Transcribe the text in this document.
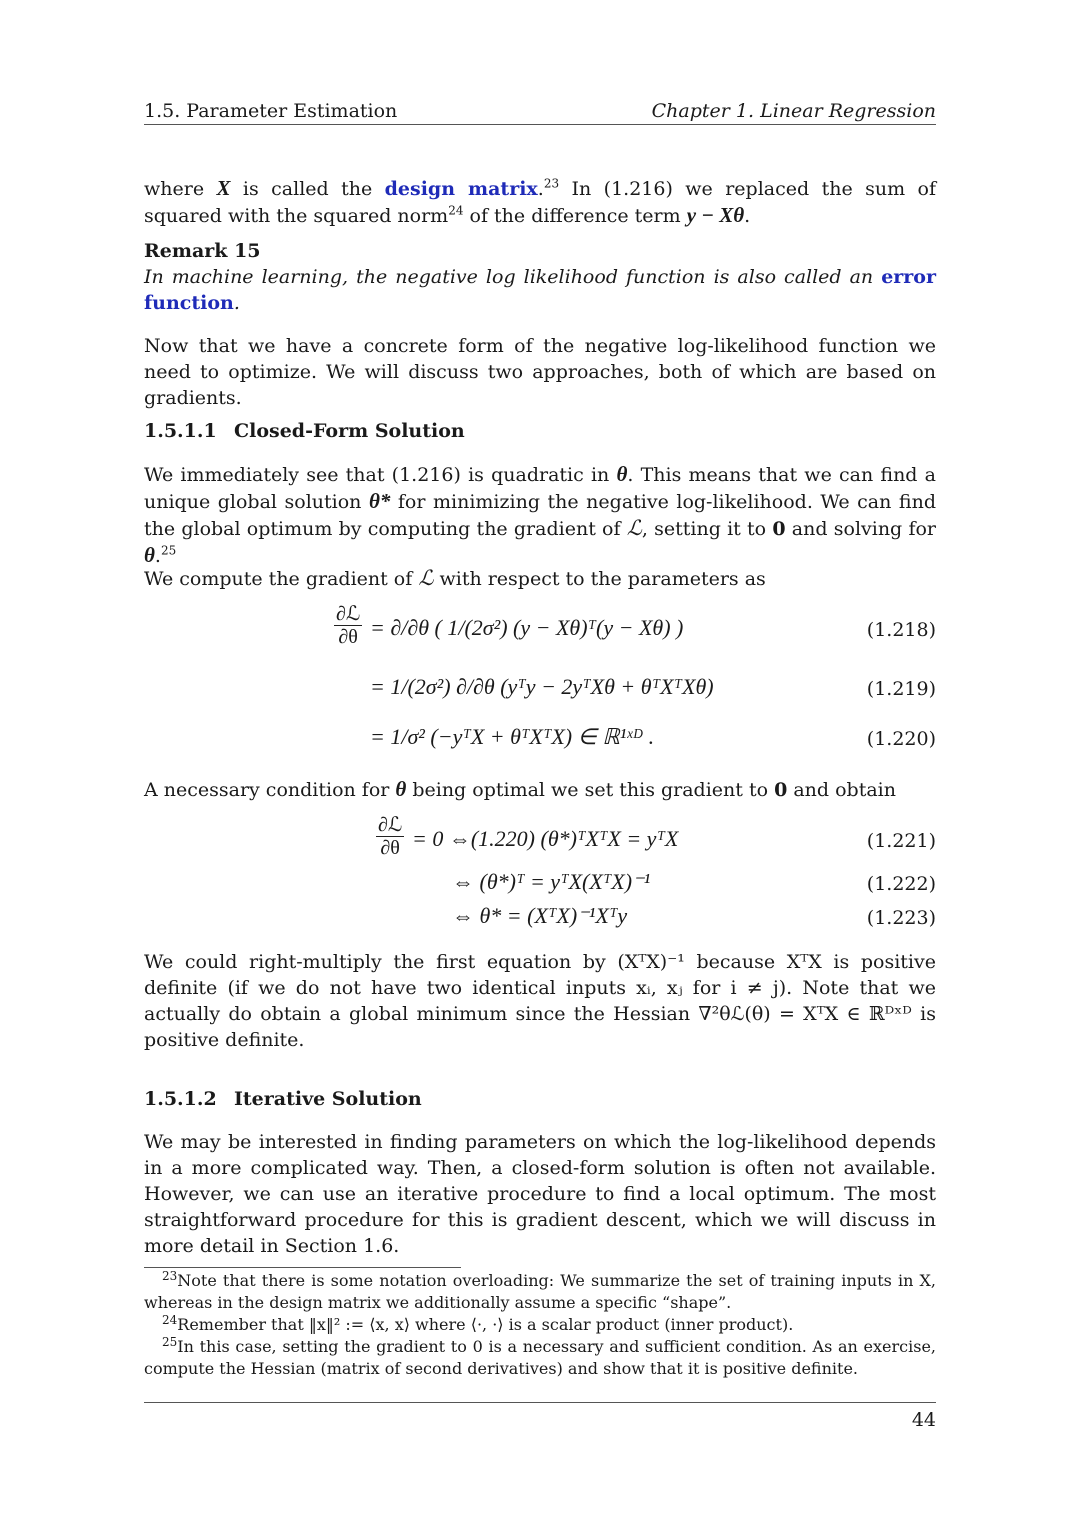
1.5. Parameter Estimation	Chapter 1. Linear Regression
where X is called the design matrix.$^{23}$ In (1.216) we replaced the sum of squared with the squared norm$^{24}$ of the difference term y − Xθ.
Remark 15
In machine learning, the negative log likelihood function is also called an error function.
Now that we have a concrete form of the negative log-likelihood function we need to optimize. We will discuss two approaches, both of which are based on gradients.
1.5.1.1 Closed-Form Solution
We immediately see that (1.216) is quadratic in θ. This means that we can find a unique global solution θ* for minimizing the negative log-likelihood. We can find the global optimum by computing the gradient of ℒ, setting it to 0 and solving for θ.$^{25}$
We compute the gradient of ℒ with respect to the parameters as
$\frac{\text{∂ℒ}}{\partial\theta} = \partial/\partial\theta$ ( 1/(2σ²) (y − Xθ)ᵀ(y − Xθ) )	(1.218)
= 1/(2σ²) ∂/∂θ (yᵀy − 2yᵀXθ + θᵀXᵀXθ)	(1.219)
= 1/σ² (−yᵀX + θᵀXᵀX) ∈ ℝ¹ˣᴰ .	(1.220)
A necessary condition for θ being optimal we set this gradient to 0 and obtain
$\frac{\text{∂ℒ}}{\partial\theta} = 0$ ⇔(1.220) (θ*)ᵀXᵀX = yᵀX	(1.221)
⇔ (θ*)ᵀ = yᵀX(XᵀX)⁻¹	(1.222)
⇔ θ* = (XᵀX)⁻¹Xᵀy	(1.223)
We could right-multiply the first equation by (XᵀX)⁻¹ because XᵀX is positive definite (if we do not have two identical inputs xᵢ, xⱼ for i ≠ j). Note that we actually do obtain a global minimum since the Hessian ∇²θℒ(θ) = XᵀX ∈ ℝᴰˣᴰ is positive definite.
1.5.1.2 Iterative Solution
We may be interested in finding parameters on which the log-likelihood depends in a more complicated way. Then, a closed-form solution is often not available. However, we can use an iterative procedure to find a local optimum. The most straightforward procedure for this is gradient descent, which we will discuss in more detail in Section 1.6.
$^{23}$Note that there is some notation overloading: We summarize the set of training inputs in X, whereas in the design matrix we additionally assume a specific “shape”.
$^{24}$Remember that ‖x‖² := ⟨x, x⟩ where ⟨·, ·⟩ is a scalar product (inner product).
$^{25}$In this case, setting the gradient to 0 is a necessary and sufficient condition. As an exercise, compute the Hessian (matrix of second derivatives) and show that it is positive definite.
44
